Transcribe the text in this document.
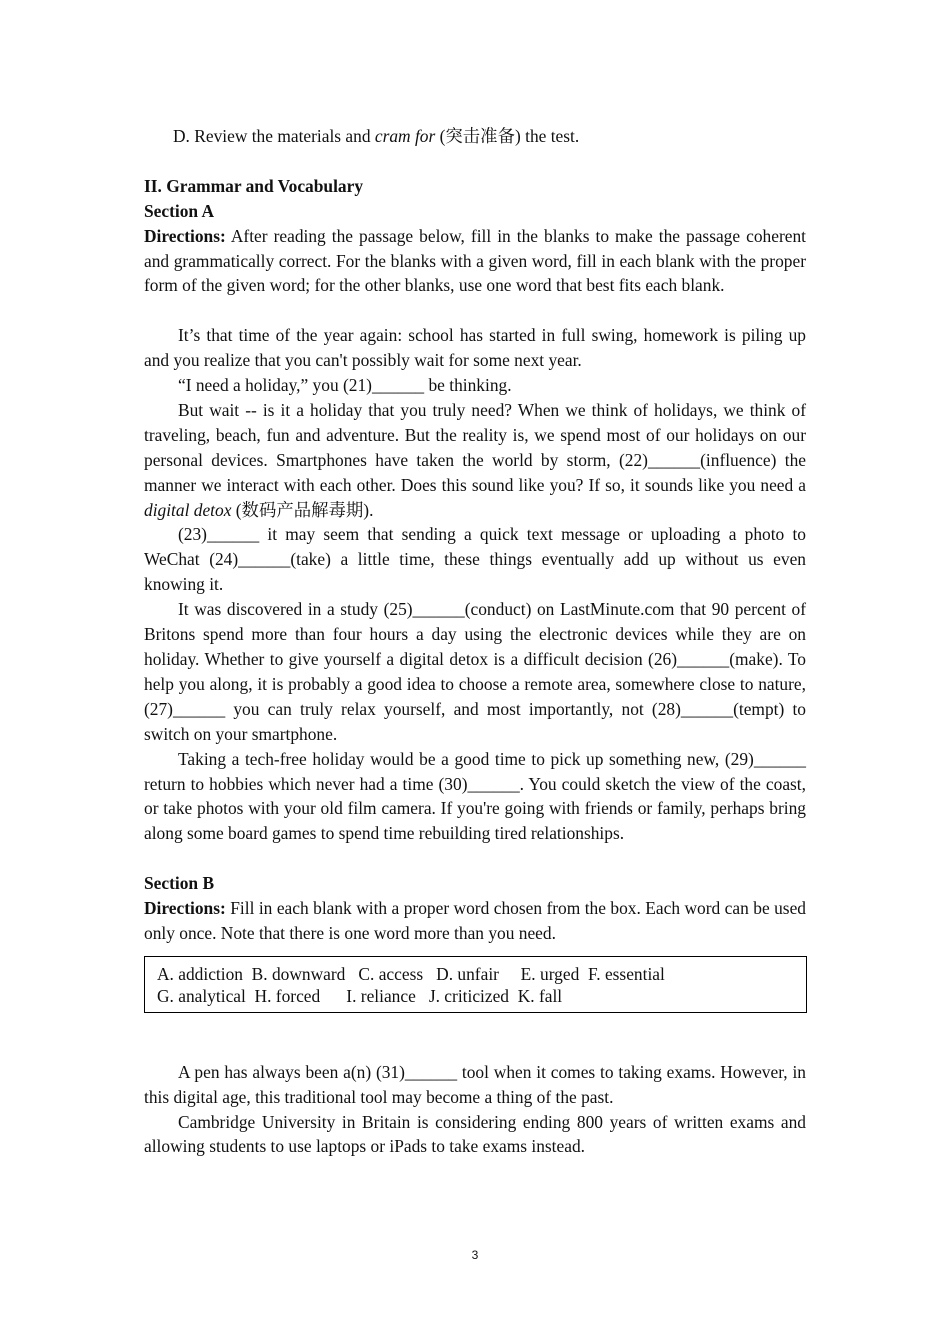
D. Review the materials and cram for (突击准备) the test.

II. Grammar and Vocabulary

Section A

Directions: After reading the passage below, fill in the blanks to make the passage coherent and grammatically correct. For the blanks with a given word, fill in each blank with the proper form of the given word; for the other blanks, use one word that best fits each blank.

It’s that time of the year again: school has started in full swing, homework is piling up and you realize that you can't possibly wait for some next year.

“I need a holiday,” you (21)______ be thinking.

But wait -- is it a holiday that you truly need? When we think of holidays, we think of traveling, beach, fun and adventure. But the reality is, we spend most of our holidays on our personal devices. Smartphones have taken the world by storm, (22)______(influence) the manner we interact with each other. Does this sound like you? If so, it sounds like you need a digital detox (数码产品解毒期).

(23)______ it may seem that sending a quick text message or uploading a photo to WeChat (24)______(take) a little time, these things eventually add up without us even knowing it.

It was discovered in a study (25)______(conduct) on LastMinute.com that 90 percent of Britons spend more than four hours a day using the electronic devices while they are on holiday. Whether to give yourself a digital detox is a difficult decision (26)______(make). To help you along, it is probably a good idea to choose a remote area, somewhere close to nature, (27)______ you can truly relax yourself, and most importantly, not (28)______(tempt) to switch on your smartphone.

Taking a tech-free holiday would be a good time to pick up something new, (29)______ return to hobbies which never had a time (30)______. You could sketch the view of the coast, or take photos with your old film camera. If you're going with friends or family, perhaps bring along some board games to spend time rebuilding tired relationships.

Section B

Directions: Fill in each blank with a proper word chosen from the box. Each word can be used only once. Note that there is one word more than you need.

A. addiction  B. downward   C. access   D. unfair     E. urged  F. essential
G. analytical  H. forced      I. reliance   J. criticized  K. fall

A pen has always been a(n) (31)______ tool when it comes to taking exams. However, in this digital age, this traditional tool may become a thing of the past.

Cambridge University in Britain is considering ending 800 years of written exams and allowing students to use laptops or iPads to take exams instead.

3
